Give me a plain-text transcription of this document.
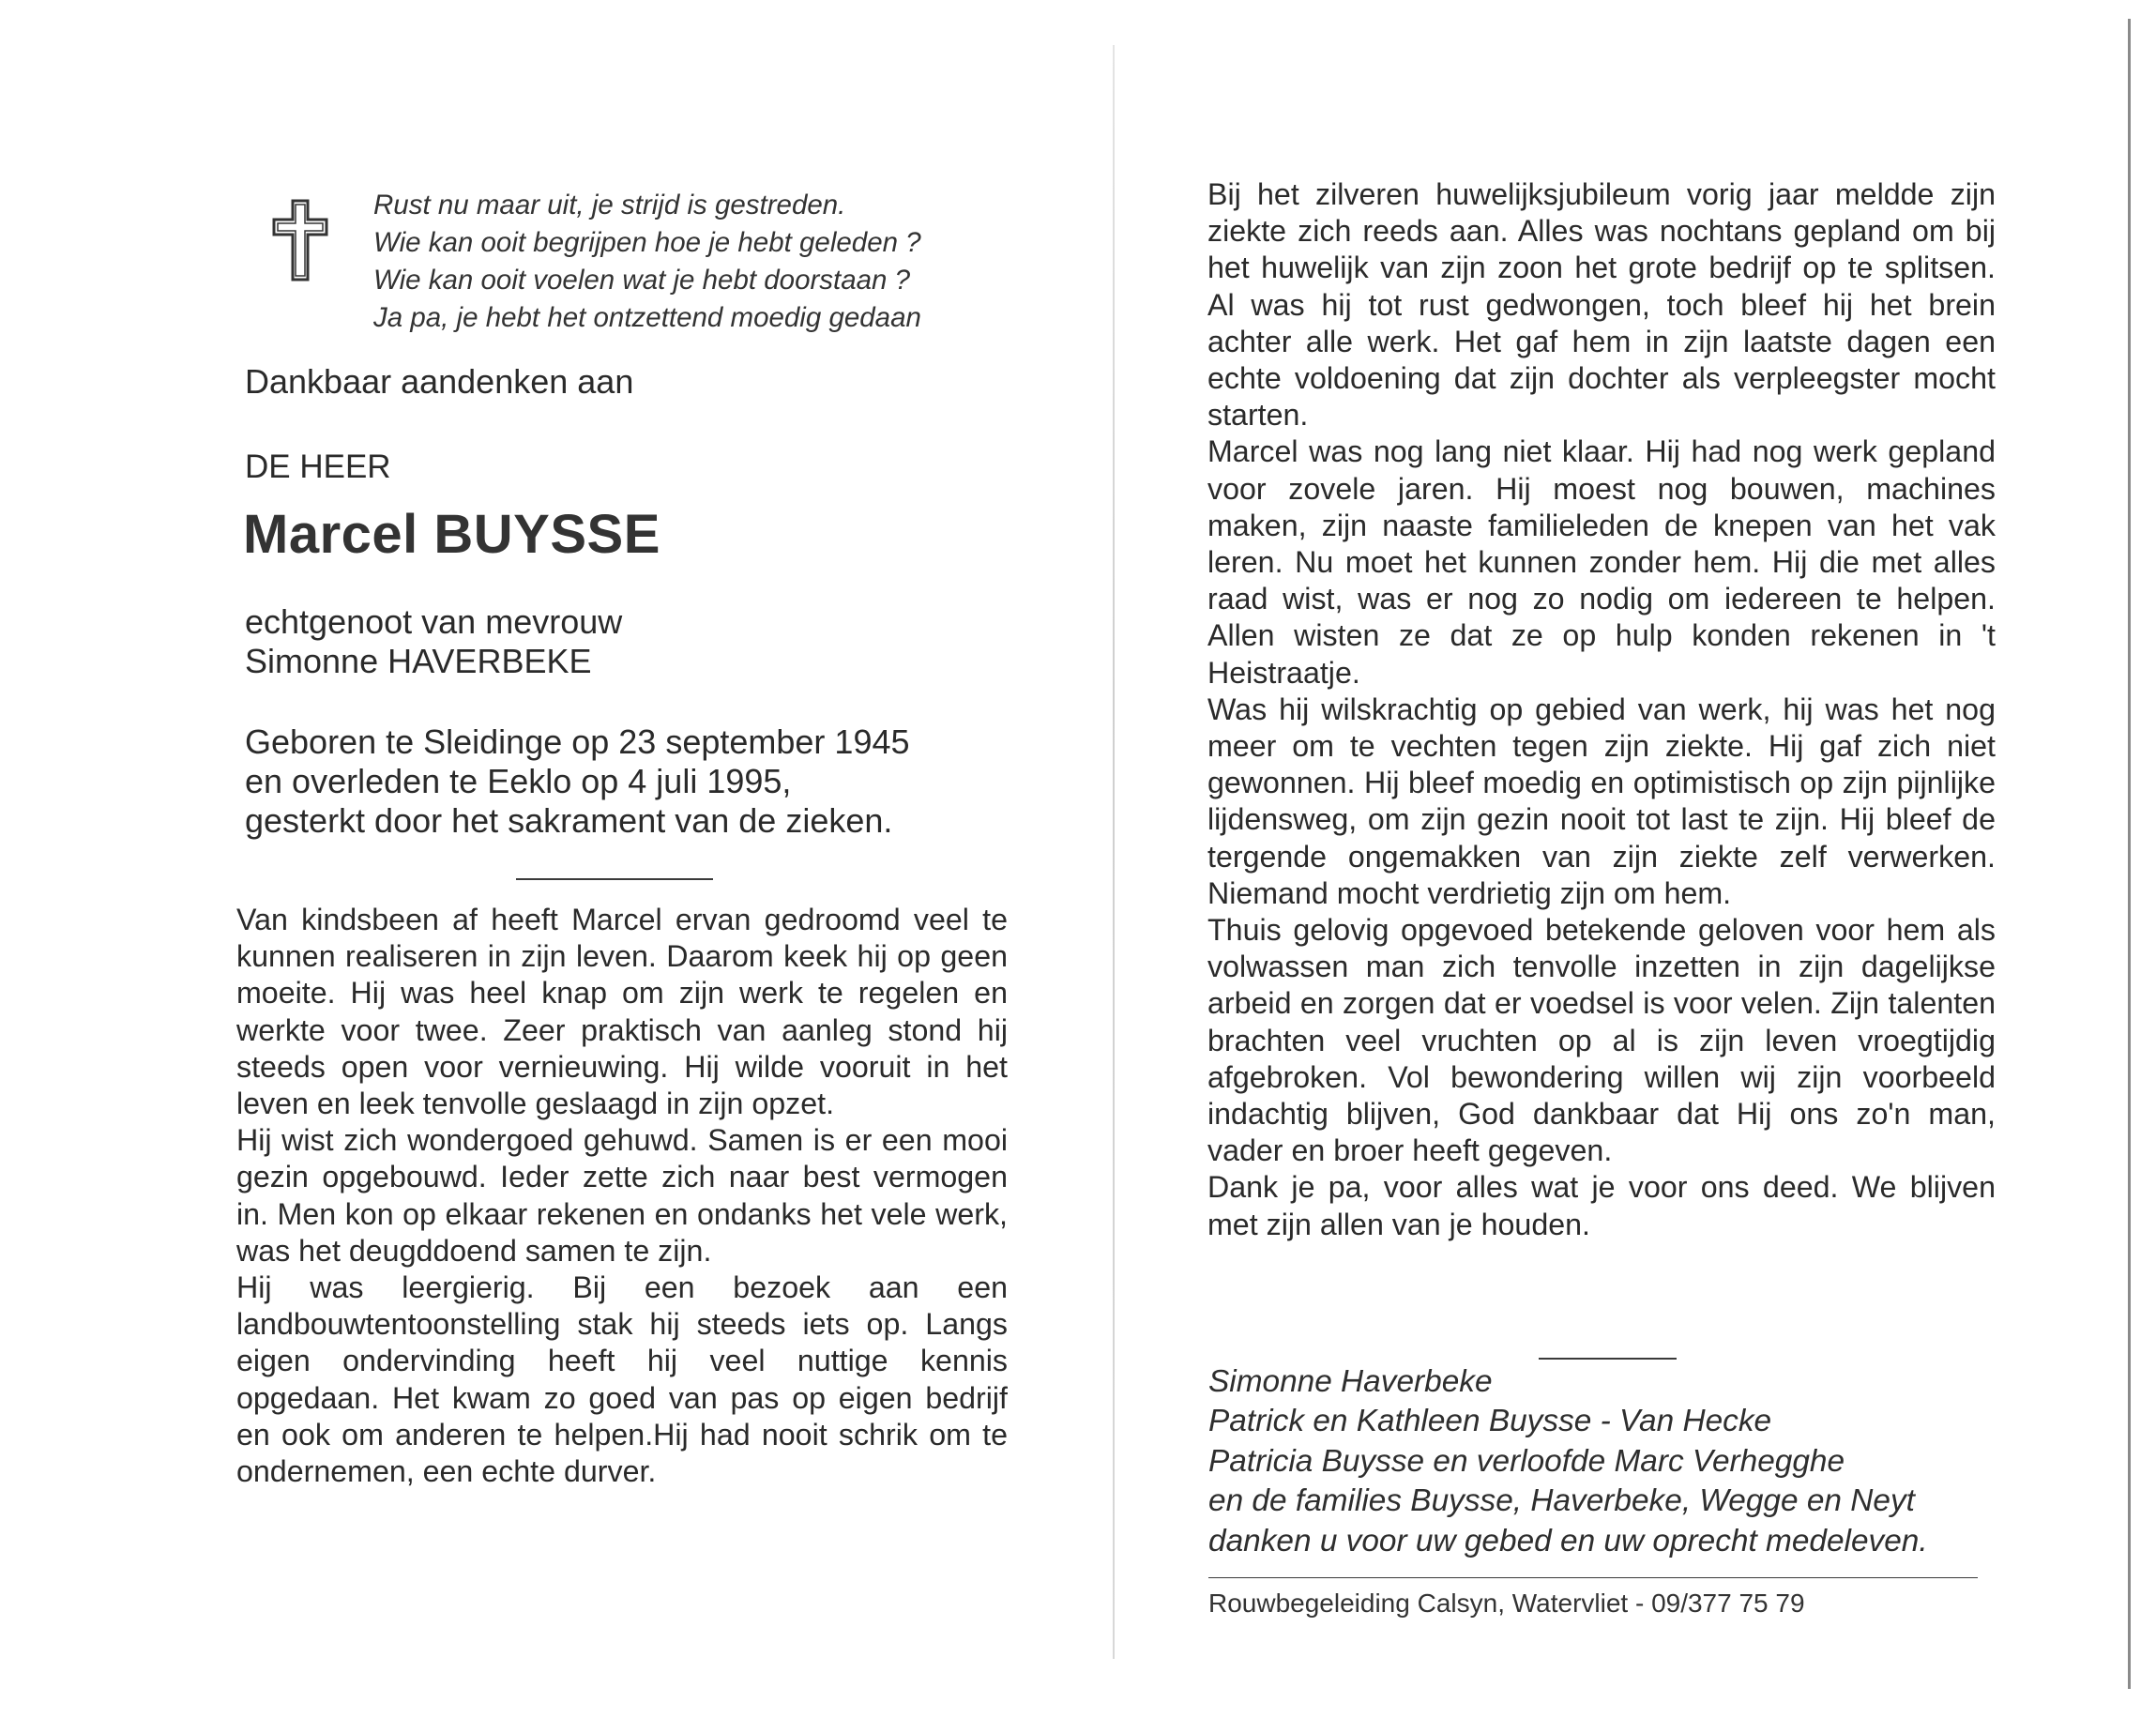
Rust nu maar uit, je strijd is gestreden.
Wie kan ooit begrijpen hoe je hebt geleden ?
Wie kan ooit voelen wat je hebt doorstaan ?
Ja pa, je hebt het ontzettend moedig gedaan
Dankbaar aandenken aan
DE HEER
Marcel BUYSSE
echtgenoot van mevrouw
Simonne HAVERBEKE
Geboren te Sleidinge op 23 september 1945
en overleden te Eeklo op 4 juli 1995,
gesterkt door het sakrament van de zieken.

Van kindsbeen af heeft Marcel ervan gedroomd veel te kunnen realiseren in zijn leven. Daarom keek hij op geen moeite. Hij was heel knap om zijn werk te regelen en werkte voor twee. Zeer praktisch van aanleg stond hij steeds open voor vernieuwing. Hij wilde vooruit in het leven en leek tenvolle geslaagd in zijn opzet.

Hij wist zich wondergoed gehuwd. Samen is er een mooi gezin opgebouwd. Ieder zette zich naar best vermogen in. Men kon op elkaar rekenen en ondanks het vele werk, was het deugddoend samen te zijn.

Hij was leergierig. Bij een bezoek aan een landbouwtentoonstelling stak hij steeds iets op. Langs eigen ondervinding heeft hij veel nuttige kennis opgedaan. Het kwam zo goed van pas op eigen bedrijf en ook om anderen te helpen.Hij had nooit schrik om te ondernemen, een echte durver.

Bij het zilveren huwelijksjubileum vorig jaar meldde zijn ziekte zich reeds aan. Alles was nochtans gepland om bij het huwelijk van zijn zoon het grote bedrijf op te splitsen. Al was hij tot rust gedwongen, toch bleef hij het brein achter alle werk. Het gaf hem in zijn laatste dagen een echte voldoening dat zijn dochter als verpleegster mocht starten.

Marcel was nog lang niet klaar. Hij had nog werk gepland voor zovele jaren. Hij moest nog bouwen, machines maken, zijn naaste familieleden de knepen van het vak leren. Nu moet het kunnen zonder hem. Hij die met alles raad wist, was er nog zo nodig om iedereen te helpen. Allen wisten ze dat ze op hulp konden rekenen in 't Heistraatje.

Was hij wilskrachtig op gebied van werk, hij was het nog meer om te vechten tegen zijn ziekte. Hij gaf zich niet gewonnen. Hij bleef moedig en optimistisch op zijn pijnlijke lijdensweg, om zijn gezin nooit tot last te zijn. Hij bleef de tergende ongemakken van zijn ziekte zelf verwerken. Niemand mocht verdrietig zijn om hem.

Thuis gelovig opgevoed betekende geloven voor hem als volwassen man zich tenvolle inzetten in zijn dagelijkse arbeid en zorgen dat er voedsel is voor velen. Zijn talenten brachten veel vruchten op al is zijn leven vroegtijdig afgebroken. Vol bewondering willen wij zijn voorbeeld indachtig blijven, God dankbaar dat Hij ons zo'n man, vader en broer heeft gegeven.

Dank je pa, voor alles wat je voor ons deed. We blijven met zijn allen van je houden.

Simonne Haverbeke
Patrick en Kathleen Buysse - Van Hecke
Patricia Buysse en verloofde Marc Verhegghe
en de families Buysse, Haverbeke, Wegge en Neyt
danken u voor uw gebed en uw oprecht medeleven.
Rouwbegeleiding Calsyn, Watervliet - 09/377 75 79
